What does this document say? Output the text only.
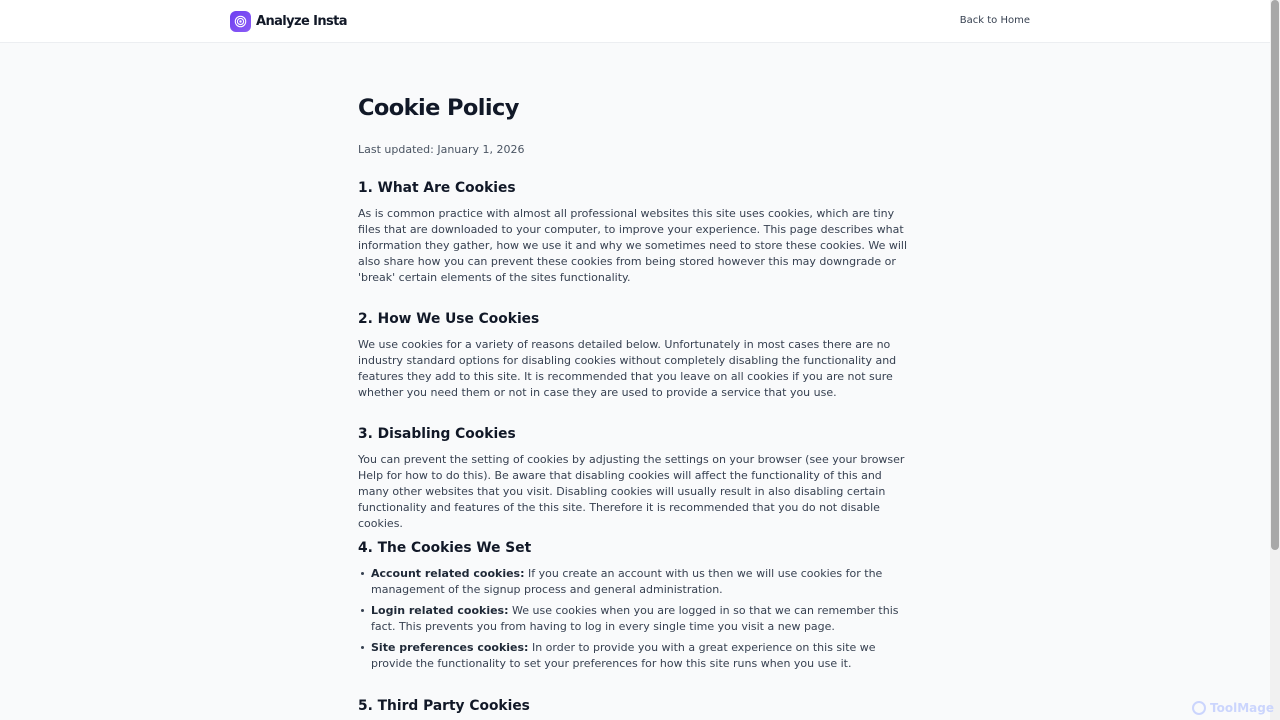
Analyze Insta	Back to Home
Cookie Policy

Last updated: January 1, 2026

1. What Are Cookies

As is common practice with almost all professional websites this site uses cookies, which are tiny files that are downloaded to your computer, to improve your experience. This page describes what information they gather, how we use it and why we sometimes need to store these cookies. We will also share how you can prevent these cookies from being stored however this may downgrade or 'break' certain elements of the sites functionality.

2. How We Use Cookies

We use cookies for a variety of reasons detailed below. Unfortunately in most cases there are no industry standard options for disabling cookies without completely disabling the functionality and features they add to this site. It is recommended that you leave on all cookies if you are not sure whether you need them or not in case they are used to provide a service that you use.

3. Disabling Cookies

You can prevent the setting of cookies by adjusting the settings on your browser (see your browser Help for how to do this). Be aware that disabling cookies will affect the functionality of this and many other websites that you visit. Disabling cookies will usually result in also disabling certain functionality and features of the this site. Therefore it is recommended that you do not disable cookies.

4. The Cookies We Set
Account related cookies: If you create an account with us then we will use cookies for the management of the signup process and general administration.
Login related cookies: We use cookies when you are logged in so that we can remember this fact. This prevents you from having to log in every single time you visit a new page.
Site preferences cookies: In order to provide you with a great experience on this site we provide the functionality to set your preferences for how this site runs when you use it.
5. Third Party Cookies	ToolMage
